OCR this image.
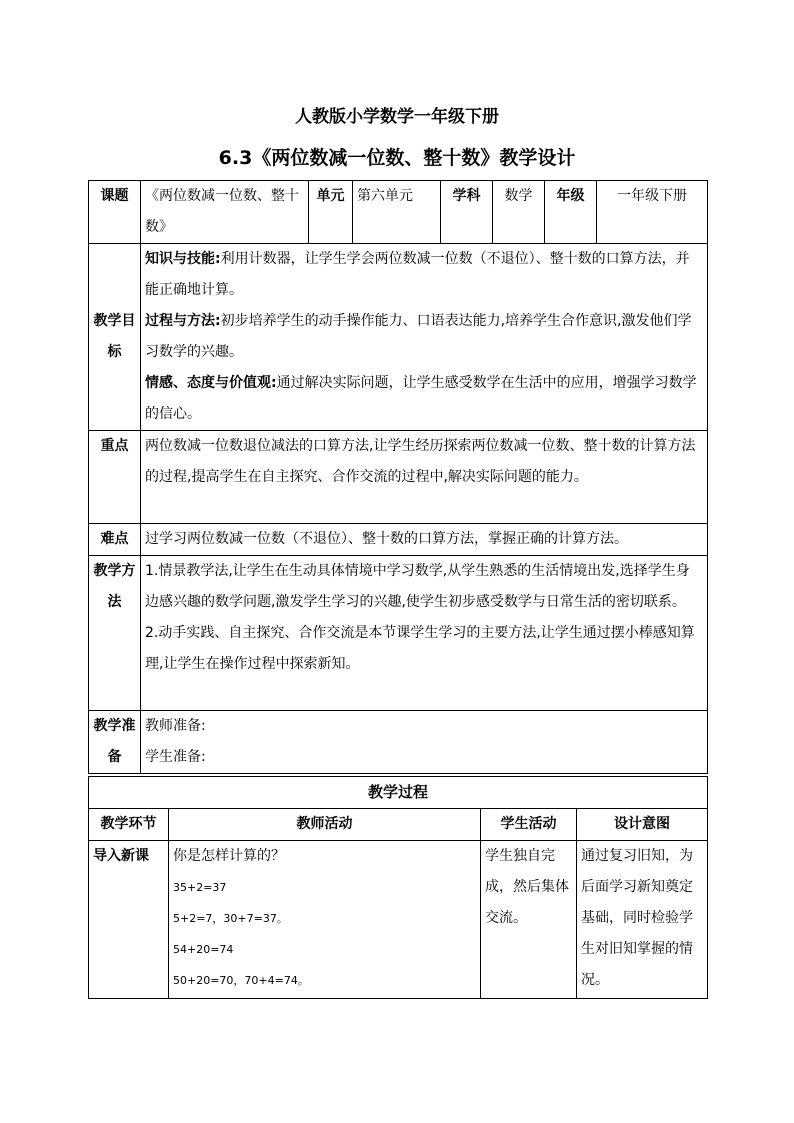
人教版小学数学一年级下册
6.3《两位数减一位数、整十数》教学设计
课题	《两位数减一位数、整十数》	单元	第六单元	学科	数学	年级	一年级下册
教学目标	知识与技能:利用计数器，让学生学会两位数减一位数（不退位）、整十数的口算方法，并能正确地计算。
过程与方法:初步培养学生的动手操作能力、口语表达能力,培养学生合作意识,激发他们学习数学的兴趣。
情感、态度与价值观:通过解决实际问题，让学生感受数学在生活中的应用，增强学习数学的信心。						

重点	两位数减一位数退位减法的口算方法,让学生经历探索两位数减一位数、整十数的计算方法的过程,提高学生在自主探究、合作交流的过程中,解决实际问题的能力。						
难点	过学习两位数减一位数（不退位）、整十数的口算方法，掌握正确的计算方法。						
教学方法	1.情景教学法,让学生在生动具体情境中学习数学,从学生熟悉的生活情境出发,选择学生身边感兴趣的数学问题,激发学生学习的兴趣,使学生初步感受数学与日常生活的密切联系。
2.动手实践、自主探究、合作交流是本节课学生学习的主要方法,让学生通过摆小棒感知算理,让学生在操作过程中探索新知。						

教学准备	教师准备:
学生准备:						
教学过程			
教学环节	教师活动	学生活动	设计意图
导入新课	你是怎样计算的？
35+2=37
5+2=7，30+7=37。
54+20=74
50+20=70，70+4=74。	学生独自完成，然后集体交流。	通过复习旧知，为后面学习新知奠定基础，同时检验学生对旧知掌握的情况。
